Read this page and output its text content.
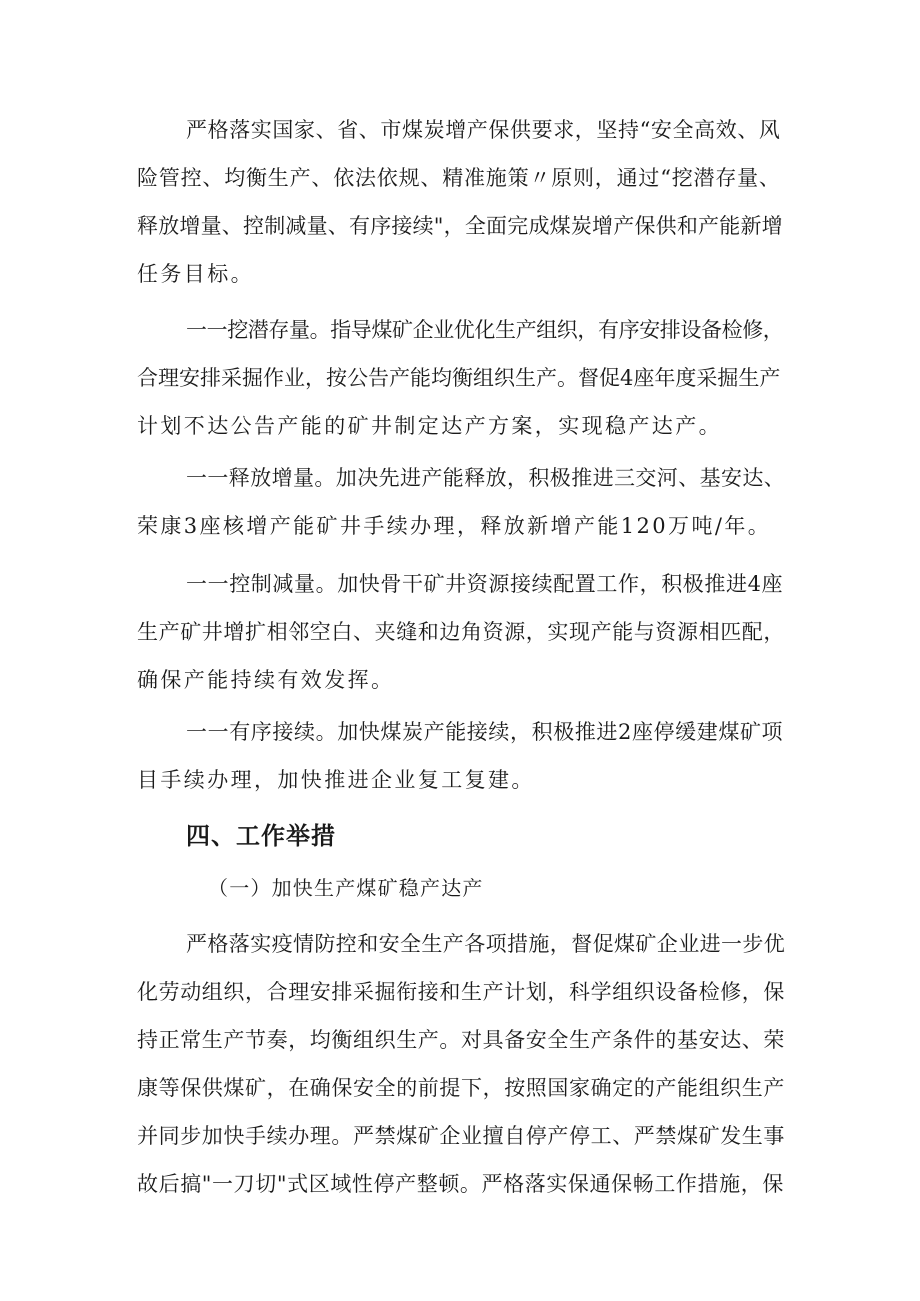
严格落实国家、省、市煤炭增产保供要求，坚持“安全高效、风
险管控、均衡生产、依法依规、精准施策〃原则，通过“挖潜存量、
释放增量、控制减量、有序接续"，全面完成煤炭增产保供和产能新增
任务目标。
一一挖潜存量。指导煤矿企业优化生产组织，有序安排设备检修，
合理安排采掘作业，按公告产能均衡组织生产。督促4座年度采掘生产
计划不达公告产能的矿井制定达产方案，实现稳产达产。
一一释放增量。加决先进产能释放，积极推进三交河、基安达、
荣康3座核增产能矿井手续办理，释放新增产能120万吨/年。
一一控制减量。加快骨干矿井资源接续配置工作，积极推进4座
生产矿井增扩相邻空白、夹缝和边角资源，实现产能与资源相匹配，
确保产能持续有效发挥。
一一有序接续。加快煤炭产能接续，积极推进2座停缓建煤矿项
目手续办理，加快推进企业复工复建。
四、工作举措
（一）加快生产煤矿稳产达产
严格落实疫情防控和安全生产各项措施，督促煤矿企业进一步优
化劳动组织，合理安排采掘衔接和生产计划，科学组织设备检修，保
持正常生产节奏，均衡组织生产。对具备安全生产条件的基安达、荣
康等保供煤矿，在确保安全的前提下，按照国家确定的产能组织生产
并同步加快手续办理。严禁煤矿企业擅自停产停工、严禁煤矿发生事
故后搞"一刀切"式区域性停产整顿。严格落实保通保畅工作措施，保
